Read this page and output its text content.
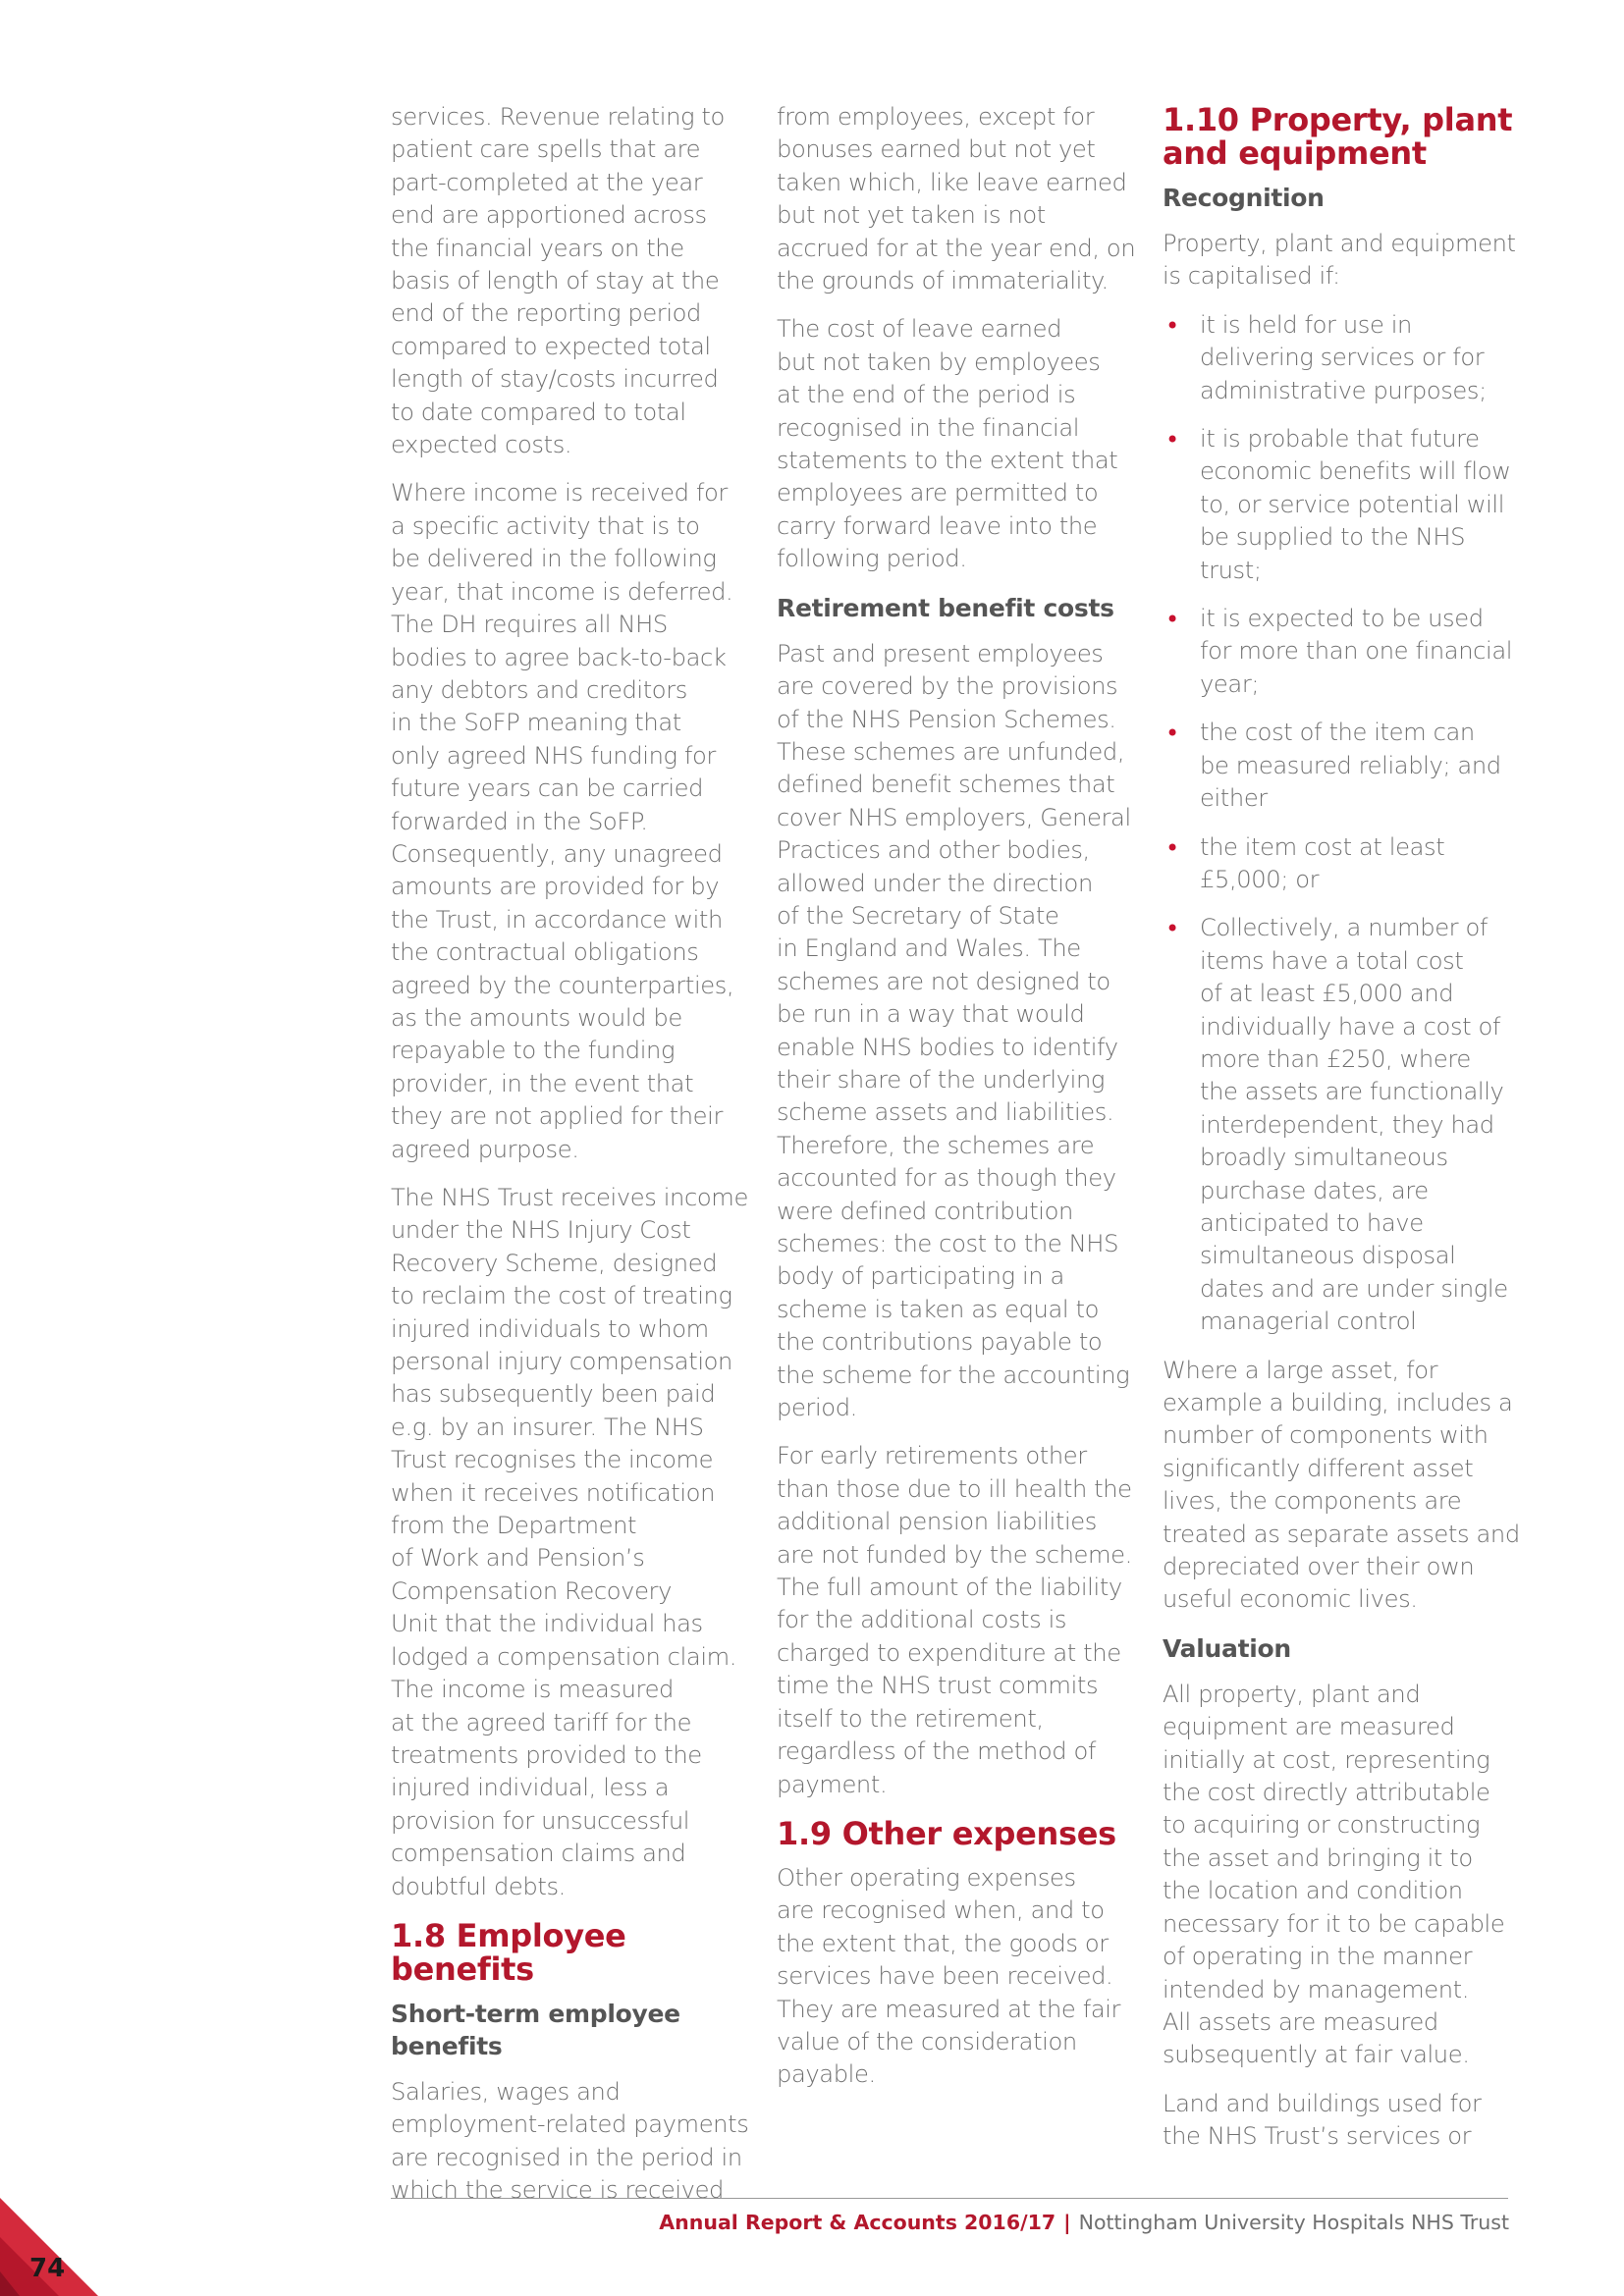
services. Revenue relating to
patient care spells that are
part-completed at the year
end are apportioned across
the financial years on the
basis of length of stay at the
end of the reporting period
compared to expected total
length of stay/costs incurred
to date compared to total
expected costs.

Where income is received for
a specific activity that is to
be delivered in the following
year, that income is deferred.
The DH requires all NHS
bodies to agree back-to-back
any debtors and creditors
in the SoFP meaning that
only agreed NHS funding for
future years can be carried
forwarded in the SoFP.
Consequently, any unagreed
amounts are provided for by
the Trust, in accordance with
the contractual obligations
agreed by the counterparties,
as the amounts would be
repayable to the funding
provider, in the event that
they are not applied for their
agreed purpose.

The NHS Trust receives income
under the NHS Injury Cost
Recovery Scheme, designed
to reclaim the cost of treating
injured individuals to whom
personal injury compensation
has subsequently been paid
e.g. by an insurer. The NHS
Trust recognises the income
when it receives notification
from the Department
of Work and Pension’s
Compensation Recovery
Unit that the individual has
lodged a compensation claim.
The income is measured
at the agreed tariff for the
treatments provided to the
injured individual, less a
provision for unsuccessful
compensation claims and
doubtful debts.

1.8 Employee benefits
Short-term employee
benefits

Salaries, wages and
employment-related payments
are recognised in the period in
which the service is received

from employees, except for
bonuses earned but not yet
taken which, like leave earned
but not yet taken is not
accrued for at the year end, on
the grounds of immateriality.

The cost of leave earned
but not taken by employees
at the end of the period is
recognised in the financial
statements to the extent that
employees are permitted to
carry forward leave into the
following period.

Retirement benefit costs

Past and present employees
are covered by the provisions
of the NHS Pension Schemes.
These schemes are unfunded,
defined benefit schemes that
cover NHS employers, General
Practices and other bodies,
allowed under the direction
of the Secretary of State
in England and Wales. The
schemes are not designed to
be run in a way that would
enable NHS bodies to identify
their share of the underlying
scheme assets and liabilities.
Therefore, the schemes are
accounted for as though they
were defined contribution
schemes: the cost to the NHS
body of participating in a
scheme is taken as equal to
the contributions payable to
the scheme for the accounting
period.

For early retirements other
than those due to ill health the
additional pension liabilities
are not funded by the scheme.
The full amount of the liability
for the additional costs is
charged to expenditure at the
time the NHS trust commits
itself to the retirement,
regardless of the method of
payment.

1.9 Other expenses

Other operating expenses
are recognised when, and to
the extent that, the goods or
services have been received.
They are measured at the fair
value of the consideration
payable.

1.10 Property, plant
and equipment
Recognition

Property, plant and equipment
is capitalised if:

• it is held for use in
delivering services or for
administrative purposes;
• it is probable that future
economic benefits will flow
to, or service potential will
be supplied to the NHS
trust;
• it is expected to be used
for more than one financial
year;
• the cost of the item can
be measured reliably; and
either
• the item cost at least
£5,000; or
• Collectively, a number of
items have a total cost
of at least £5,000 and
individually have a cost of
more than £250, where
the assets are functionally
interdependent, they had
broadly simultaneous
purchase dates, are
anticipated to have
simultaneous disposal
dates and are under single
managerial control

Where a large asset, for
example a building, includes a
number of components with
significantly different asset
lives, the components are
treated as separate assets and
depreciated over their own
useful economic lives.

Valuation

All property, plant and
equipment are measured
initially at cost, representing
the cost directly attributable
to acquiring or constructing
the asset and bringing it to
the location and condition
necessary for it to be capable
of operating in the manner
intended by management.
All assets are measured
subsequently at fair value.

Land and buildings used for
the NHS Trust’s services or

Annual Report & Accounts 2016/17 | Nottingham University Hospitals NHS Trust
74
